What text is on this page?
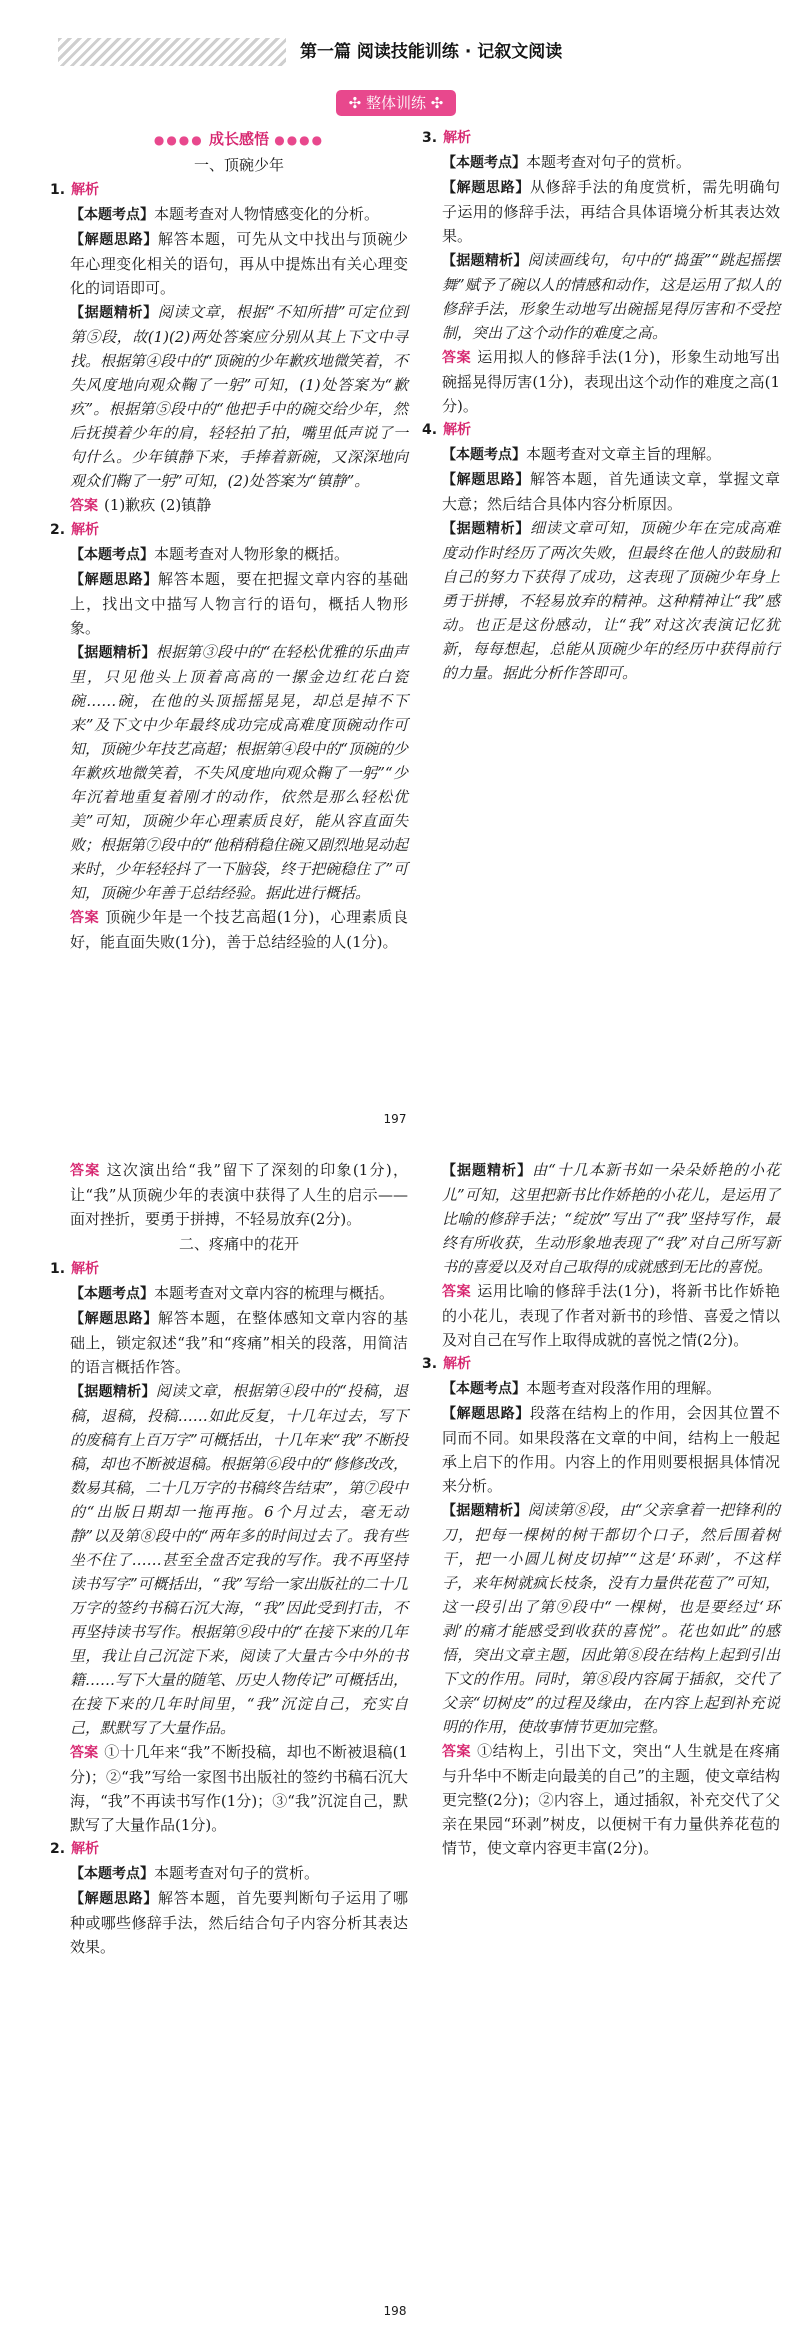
第一篇 阅读技能训练 · 记叙文阅读
✣ 整体训练 ✣
●●●● 成长感悟 ●●●●
一、顶碗少年
1. 解析

【本题考点】本题考查对人物情感变化的分析。

【解题思路】解答本题，可先从文中找出与顶碗少年心理变化相关的语句，再从中提炼出有关心理变化的词语即可。

【据题精析】阅读文章，根据“不知所措”可定位到第⑤段，故(1)(2)两处答案应分别从其上下文中寻找。根据第④段中的“顶碗的少年歉疚地微笑着，不失风度地向观众鞠了一躬”可知，(1)处答案为“歉疚”。根据第⑤段中的“他把手中的碗交给少年，然后抚摸着少年的肩，轻轻拍了拍，嘴里低声说了一句什么。少年镇静下来，手捧着新碗，又深深地向观众们鞠了一躬”可知，(2)处答案为“镇静”。

答案 (1)歉疚 (2)镇静

2. 解析

【本题考点】本题考查对人物形象的概括。

【解题思路】解答本题，要在把握文章内容的基础上，找出文中描写人物言行的语句，概括人物形象。

【据题精析】根据第③段中的“在轻松优雅的乐曲声里，只见他头上顶着高高的一摞金边红花白瓷碗……碗，在他的头顶摇摇晃晃，却总是掉不下来”及下文中少年最终成功完成高难度顶碗动作可知，顶碗少年技艺高超；根据第④段中的“顶碗的少年歉疚地微笑着，不失风度地向观众鞠了一躬”“少年沉着地重复着刚才的动作，依然是那么轻松优美”可知，顶碗少年心理素质良好，能从容直面失败；根据第⑦段中的“他稍稍稳住碗又剧烈地晃动起来时，少年轻轻抖了一下脑袋，终于把碗稳住了”可知，顶碗少年善于总结经验。据此进行概括。

答案 顶碗少年是一个技艺高超(1分)，心理素质良好，能直面失败(1分)，善于总结经验的人(1分)。

3. 解析

【本题考点】本题考查对句子的赏析。

【解题思路】从修辞手法的角度赏析，需先明确句子运用的修辞手法，再结合具体语境分析其表达效果。

【据题精析】阅读画线句，句中的“捣蛋”“跳起摇摆舞”赋予了碗以人的情感和动作，这是运用了拟人的修辞手法，形象生动地写出碗摇晃得厉害和不受控制，突出了这个动作的难度之高。

答案 运用拟人的修辞手法(1分)，形象生动地写出碗摇晃得厉害(1分)，表现出这个动作的难度之高(1分)。

4. 解析

【本题考点】本题考查对文章主旨的理解。

【解题思路】解答本题，首先通读文章，掌握文章大意；然后结合具体内容分析原因。

【据题精析】细读文章可知，顶碗少年在完成高难度动作时经历了两次失败，但最终在他人的鼓励和自己的努力下获得了成功，这表现了顶碗少年身上勇于拼搏，不轻易放弃的精神。这种精神让“我”感动。也正是这份感动，让“我”对这次表演记忆犹新，每每想起，总能从顶碗少年的经历中获得前行的力量。据此分析作答即可。

197

答案 这次演出给“我”留下了深刻的印象(1分)，让“我”从顶碗少年的表演中获得了人生的启示——面对挫折，要勇于拼搏，不轻易放弃(2分)。

二、疼痛中的花开
1. 解析

【本题考点】本题考查对文章内容的梳理与概括。

【解题思路】解答本题，在整体感知文章内容的基础上，锁定叙述“我”和“疼痛”相关的段落，用简洁的语言概括作答。

【据题精析】阅读文章，根据第④段中的“投稿，退稿，退稿，投稿……如此反复，十几年过去，写下的废稿有上百万字”可概括出，十几年来“我”不断投稿，却也不断被退稿。根据第⑥段中的“修修改改，数易其稿，二十几万字的书稿终告结束”，第⑦段中的“出版日期却一拖再拖。6个月过去，毫无动静”以及第⑧段中的“两年多的时间过去了。我有些坐不住了……甚至全盘否定我的写作。我不再坚持读书写字”可概括出，“我”写给一家出版社的二十几万字的签约书稿石沉大海，“我”因此受到打击，不再坚持读书写作。根据第⑨段中的“在接下来的几年里，我让自己沉淀下来，阅读了大量古今中外的书籍……写下大量的随笔、历史人物传记”可概括出，在接下来的几年时间里，“我”沉淀自己，充实自己，默默写了大量作品。

答案 ①十几年来“我”不断投稿，却也不断被退稿(1分)；②“我”写给一家图书出版社的签约书稿石沉大海，“我”不再读书写作(1分)；③“我”沉淀自己，默默写了大量作品(1分)。

2. 解析

【本题考点】本题考查对句子的赏析。

【解题思路】解答本题，首先要判断句子运用了哪种或哪些修辞手法，然后结合句子内容分析其表达效果。

【据题精析】由“十几本新书如一朵朵娇艳的小花儿”可知，这里把新书比作娇艳的小花儿，是运用了比喻的修辞手法；“绽放”写出了“我”坚持写作，最终有所收获，生动形象地表现了“我”对自己所写新书的喜爱以及对自己取得的成就感到无比的喜悦。

答案 运用比喻的修辞手法(1分)，将新书比作娇艳的小花儿，表现了作者对新书的珍惜、喜爱之情以及对自己在写作上取得成就的喜悦之情(2分)。

3. 解析

【本题考点】本题考查对段落作用的理解。

【解题思路】段落在结构上的作用，会因其位置不同而不同。如果段落在文章的中间，结构上一般起承上启下的作用。内容上的作用则要根据具体情况来分析。

【据题精析】阅读第⑧段，由“父亲拿着一把锋利的刀，把每一棵树的树干都切个口子，然后围着树干，把一小圆儿树皮切掉”“这是‘环剥’，不这样子，来年树就疯长枝条，没有力量供花苞了”可知，这一段引出了第⑨段中“一棵树，也是要经过‘环剥’的痛才能感受到收获的喜悦”。花也如此”的感悟，突出文章主题，因此第⑧段在结构上起到引出下文的作用。同时，第⑧段内容属于插叙，交代了父亲“切树皮”的过程及缘由，在内容上起到补充说明的作用，使故事情节更加完整。

答案 ①结构上，引出下文，突出“人生就是在疼痛与升华中不断走向最美的自己”的主题，使文章结构更完整(2分)；②内容上，通过插叙，补充交代了父亲在果园“环剥”树皮，以便树干有力量供养花苞的情节，使文章内容更丰富(2分)。

198
